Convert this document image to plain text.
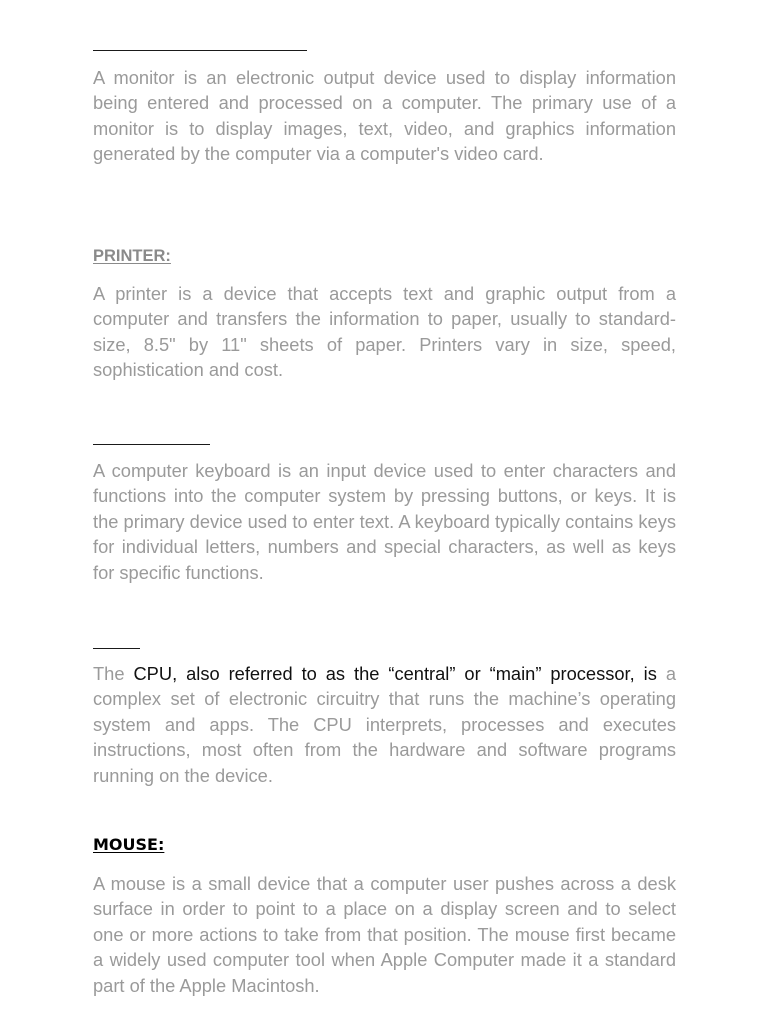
A monitor is an electronic output device used to display information being entered and processed on a computer. The primary use of a monitor is to display images, text, video, and graphics information generated by the computer via a computer's video card.

PRINTER:

A printer is a device that accepts text and graphic output from a computer and transfers the information to paper, usually to standard-size, 8.5" by 11" sheets of paper. Printers vary in size, speed, sophistication and cost.

A computer keyboard is an input device used to enter characters and functions into the computer system by pressing buttons, or keys. It is the primary device used to enter text. A keyboard typically contains keys for individual letters, numbers and special characters, as well as keys for specific functions.

The CPU, also referred to as the “central” or “main” processor, is a complex set of electronic circuitry that runs the machine’s operating system and apps. The CPU interprets, processes and executes instructions, most often from the hardware and software programs running on the device.

MOUSE:

A mouse is a small device that a computer user pushes across a desk surface in order to point to a place on a display screen and to select one or more actions to take from that position. The mouse first became a widely used computer tool when Apple Computer made it a standard part of the Apple Macintosh.
